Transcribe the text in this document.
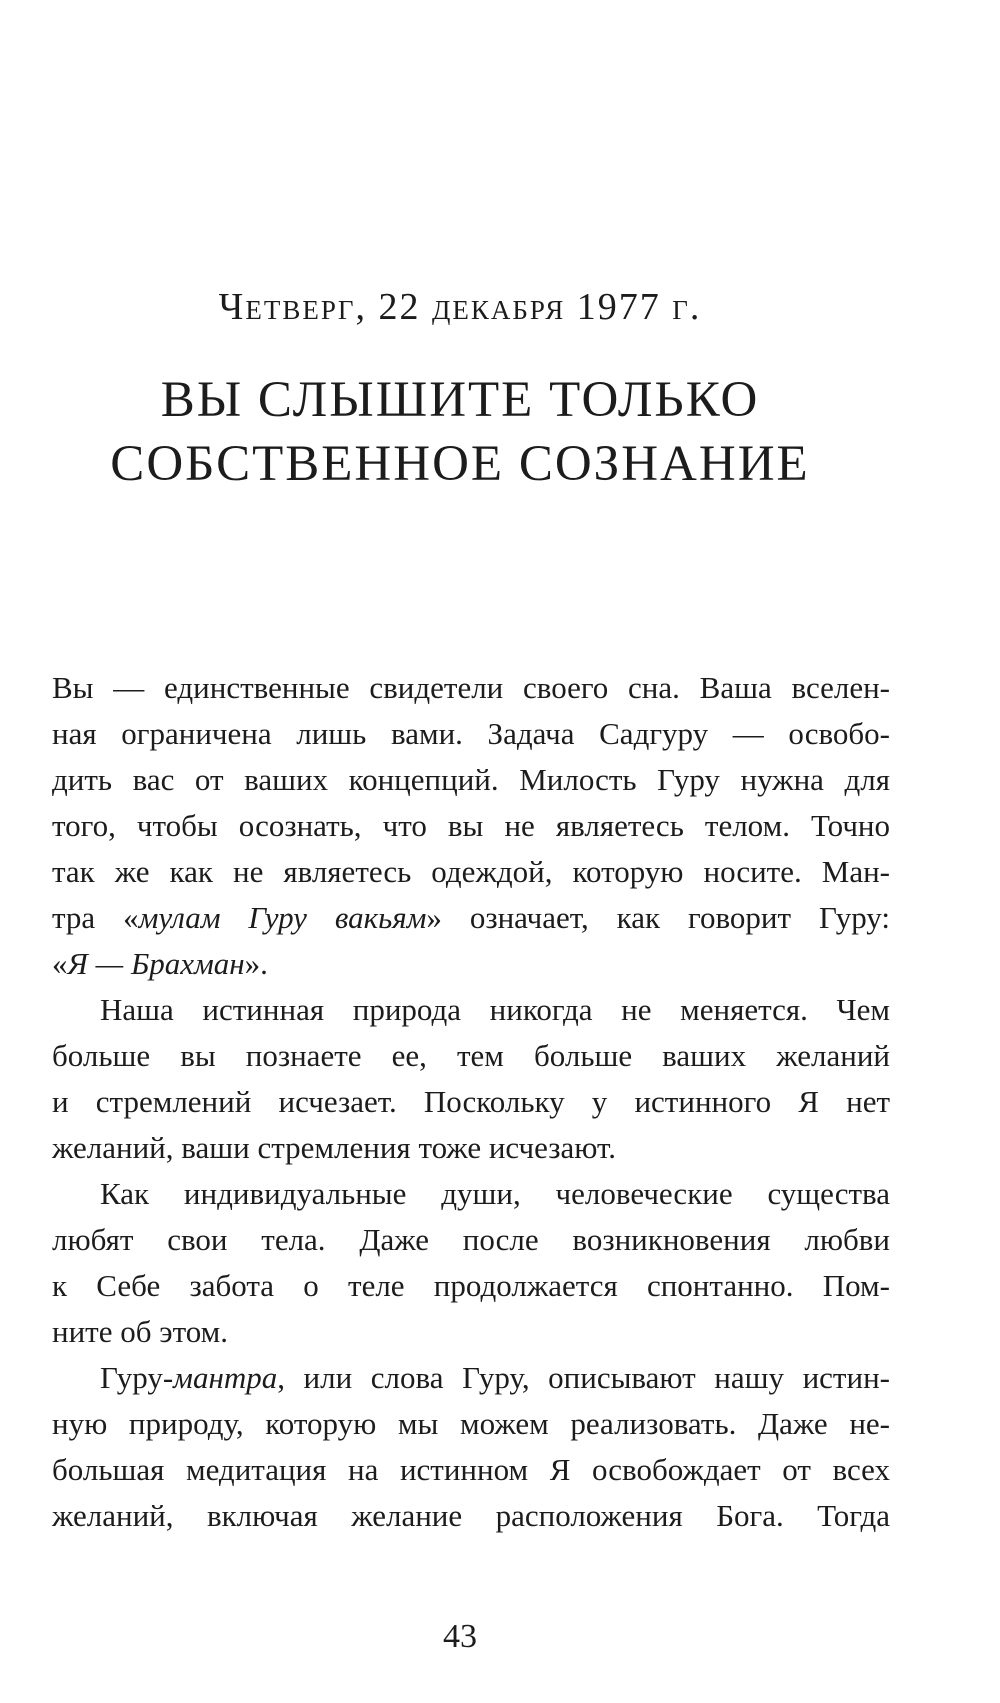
Четверг, 22 декабря 1977 г.
ВЫ СЛЫШИТЕ ТОЛЬКО
СОБСТВЕННОЕ СОЗНАНИЕ
Вы — единственные свидетели своего сна. Ваша вселен-
ная ограничена лишь вами. Задача Садгуру — освобо-
дить вас от ваших концепций. Милость Гуру нужна для
того, чтобы осознать, что вы не являетесь телом. Точно
так же как не являетесь одеждой, которую носите. Ман-
тра «мулам Гуру вакьям» означает, как говорит Гуру:
«Я — Брахман».
Наша истинная природа никогда не меняется. Чем
больше вы познаете ее, тем больше ваших желаний
и стремлений исчезает. Поскольку у истинного Я нет
желаний, ваши стремления тоже исчезают.
Как индивидуальные души, человеческие существа
любят свои тела. Даже после возникновения любви
к Себе забота о теле продолжается спонтанно. Пом-
ните об этом.
Гуру-мантра, или слова Гуру, описывают нашу истин-
ную природу, которую мы можем реализовать. Даже не-
большая медитация на истинном Я освобождает от всех
желаний, включая желание расположения Бога. Тогда
43
